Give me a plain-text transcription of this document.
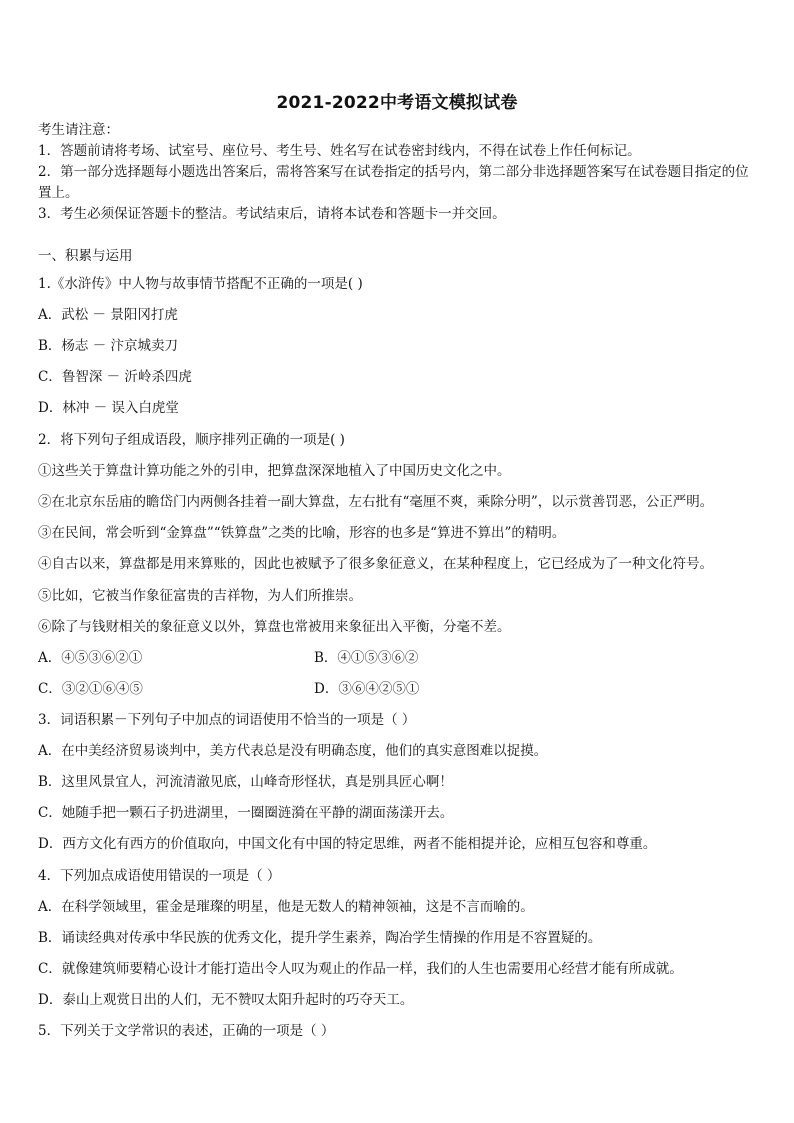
2021-2022中考语文模拟试卷
考生请注意：
1．答题前请将考场、试室号、座位号、考生号、姓名写在试卷密封线内，不得在试卷上作任何标记。
2．第一部分选择题每小题选出答案后，需将答案写在试卷指定的括号内，第二部分非选择题答案写在试卷题目指定的位置上。
3．考生必须保证答题卡的整洁。考试结束后，请将本试卷和答题卡一并交回。
一、积累与运用
1.《水浒传》中人物与故事情节搭配不正确的一项是( )
A．武松 － 景阳冈打虎
B．杨志 － 汴京城卖刀
C．鲁智深 － 沂岭杀四虎
D．林冲 － 误入白虎堂
2．将下列句子组成语段，顺序排列正确的一项是( )
①这些关于算盘计算功能之外的引申，把算盘深深地植入了中国历史文化之中。
②在北京东岳庙的瞻岱门内两侧各挂着一副大算盘，左右批有“毫厘不爽，乘除分明”，以示赏善罚恶，公正严明。
③在民间，常会听到“金算盘”“铁算盘”之类的比喻，形容的也多是“算进不算出”的精明。
④自古以来，算盘都是用来算账的，因此也被赋予了很多象征意义，在某种程度上，它已经成为了一种文化符号。
⑤比如，它被当作象征富贵的吉祥物，为人们所推崇。
⑥除了与钱财相关的象征意义以外，算盘也常被用来象征出入平衡，分毫不差。
A．④⑤③⑥②①	B．④①⑤③⑥②
C．③②①⑥④⑤	D．③⑥④②⑤①
3．词语积累－下列句子中加点的词语使用不恰当的一项是（ ）
A．在中美经济贸易谈判中，美方代表总是没有明确态度，他们的真实意图难以捉摸。
B．这里风景宜人，河流清澈见底，山峰奇形怪状，真是别具匠心啊！
C．她随手把一颗石子扔进湖里，一圈圈涟漪在平静的湖面荡漾开去。
D．西方文化有西方的价值取向，中国文化有中国的特定思维，两者不能相提并论，应相互包容和尊重。
4．下列加点成语使用错误的一项是（ ）
A．在科学领域里，霍金是璀璨的明星，他是无数人的精神领袖，这是不言而喻的。
B．诵读经典对传承中华民族的优秀文化，提升学生素养，陶冶学生情操的作用是不容置疑的。
C．就像建筑师要精心设计才能打造出令人叹为观止的作品一样，我们的人生也需要用心经营才能有所成就。
D．泰山上观赏日出的人们，无不赞叹太阳升起时的巧夺天工。
5．下列关于文学常识的表述，正确的一项是（ ）
